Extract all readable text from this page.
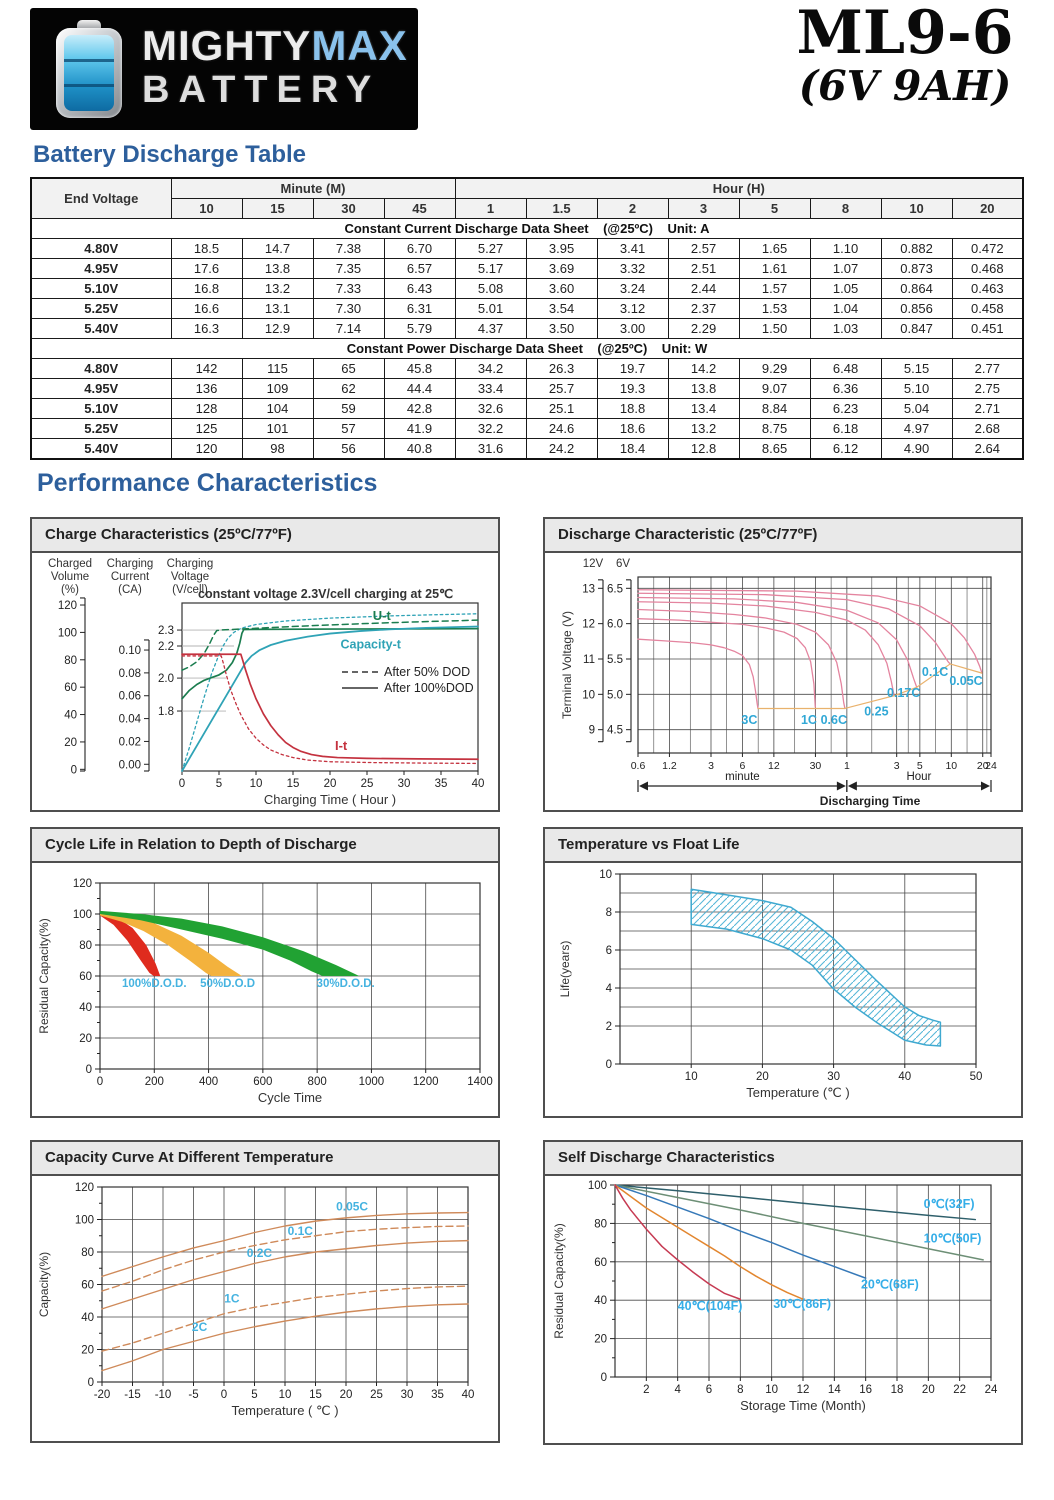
MIGHTYMAX
BATTERY
ML9-6
(6V 9AH)
Battery Discharge Table
End Voltage	Minute (M)				Hour (H)							
	10	15	30	45	1	1.5	2	3	5	8	10	20
Constant Current Discharge Data Sheet    (@25ºC)    Unit: A												
4.80V	18.5	14.7	7.38	6.70	5.27	3.95	3.41	2.57	1.65	1.10	0.882	0.472
4.95V	17.6	13.8	7.35	6.57	5.17	3.69	3.32	2.51	1.61	1.07	0.873	0.468
5.10V	16.8	13.2	7.33	6.43	5.08	3.60	3.24	2.44	1.57	1.05	0.864	0.463
5.25V	16.6	13.1	7.30	6.31	5.01	3.54	3.12	2.37	1.53	1.04	0.856	0.458
5.40V	16.3	12.9	7.14	5.79	4.37	3.50	3.00	2.29	1.50	1.03	0.847	0.451
Constant Power Discharge Data Sheet    (@25ºC)    Unit: W												
4.80V	142	115	65	45.8	34.2	26.3	19.7	14.2	9.29	6.48	5.15	2.77
4.95V	136	109	62	44.4	33.4	25.7	19.3	13.8	9.07	6.36	5.10	2.75
5.10V	128	104	59	42.8	32.6	25.1	18.8	13.4	8.84	6.23	5.04	2.71
5.25V	125	101	57	41.9	32.2	24.6	18.6	13.2	8.75	6.18	4.97	2.68
5.40V	120	98	56	40.8	31.6	24.2	18.4	12.8	8.65	6.12	4.90	2.64
Performance Characteristics
Charge Characteristics (25ºC/77ºF)
0	5 10 15 20 25 30 35 40
1.8
2.0
2.2
2.3
0
20
40
60
80
100
120
0.00
0.02
0.04
0.06
0.08
0.10
constant voltage 2.3V/cell charging at 25℃
Charged Volume (%)
Charging Current (CA)
Charging Voltage (V/cell)
U-t
Capacity-t
I-t
After 50% DOD
After 100%DOD
Charging Time ( Hour )
Discharge Characteristic (25ºC/77ºF)
0.6 1.2	3 6 12	30 1	3 5 10 20
24
9
10
11
12
13
4.5
5.0
5.5
6.0
6.5
12V 6V
3C	1C 0.6C
0.25
0.17C
0.1C
0.05C
Terminal Voltage (V)
minute	Hour
Discharging Time
Cycle Life in Relation to Depth of Discharge
0	200	400	600	800	1000 1200 1400
0
20
40
60
80
100
120
100%D.O.D. 50%D.O.D	30%D.O.D.
Cycle Time
Residual Capacity(%)
Temperature vs Float Life
10	20	30	40	50
0
2
4
6
8
10
Temperature (℃ )
Life(years)
Capacity Curve At Different Temperature
-20 -15 -10 -5 0 5 10 15 20 25 30 35 40
0
20
40
60
80
100
120
0.05C
0.1C
0.2C
1C
2C
Temperature ( ℃ )
Capacity(%)
Self Discharge Characteristics
2 4 6 8 10 12 14 16 18 20 22 24
0
20
40
60
80
100
0℃(32F)
10℃(50F)
20℃(68F)
30℃(86F)
40℃(104F)
Storage Time (Month)
Residual Capacity(%)
